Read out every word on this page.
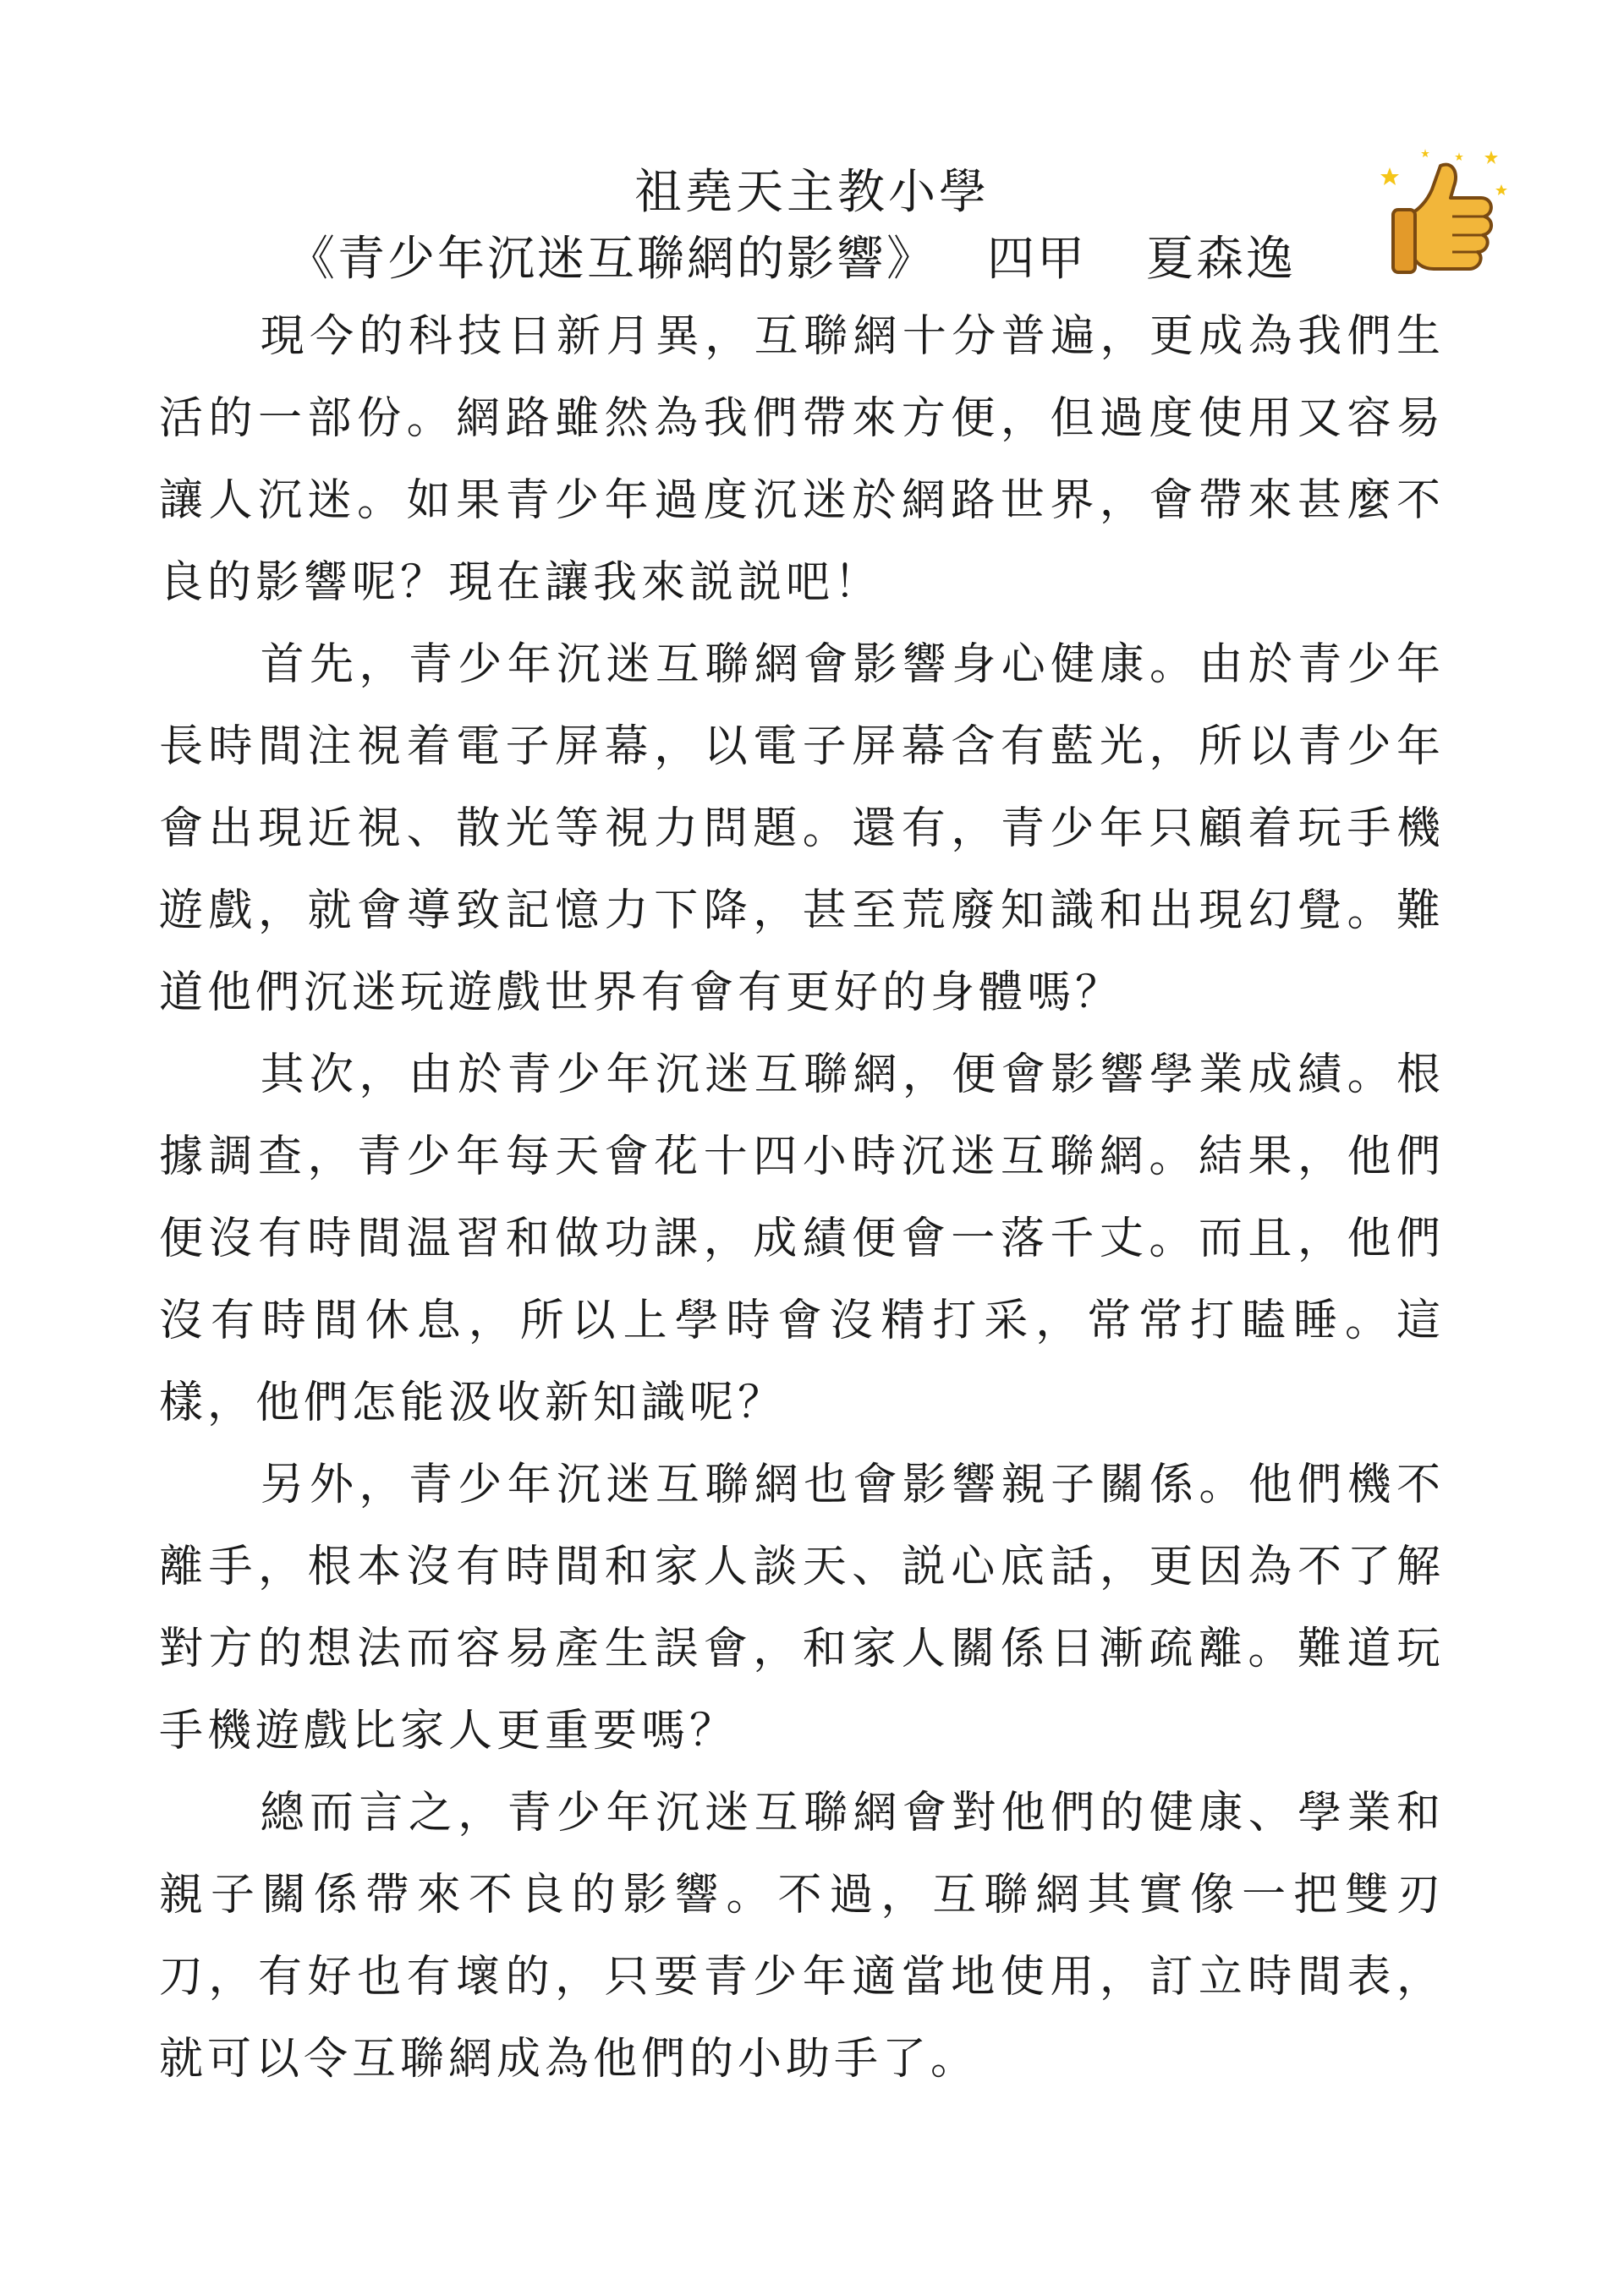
祖堯天主教小學
《青少年沉迷互聯網的影響》 四甲 夏森逸

現今的科技日新月異，互聯網十分普遍，更成為我們生活的一部份。網路雖然為我們帶來方便，但過度使用又容易讓人沉迷。如果青少年過度沉迷於網路世界，會帶來甚麼不良的影響呢？現在讓我來説説吧！

首先，青少年沉迷互聯網會影響身心健康。由於青少年長時間注視着電子屏幕，以電子屏幕含有藍光，所以青少年會出現近視、散光等視力問題。還有，青少年只顧着玩手機遊戲，就會導致記憶力下降，甚至荒廢知識和出現幻覺。難道他們沉迷玩遊戲世界有會有更好的身體嗎？

其次，由於青少年沉迷互聯網，便會影響學業成績。根據調查，青少年每天會花十四小時沉迷互聯網。結果，他們便沒有時間温習和做功課，成績便會一落千丈。而且，他們沒有時間休息，所以上學時會沒精打采，常常打瞌睡。這樣，他們怎能汲收新知識呢？

另外，青少年沉迷互聯網也會影響親子關係。他們機不離手，根本沒有時間和家人談天、説心底話，更因為不了解對方的想法而容易產生誤會，和家人關係日漸疏離。難道玩手機遊戲比家人更重要嗎？

總而言之，青少年沉迷互聯網會對他們的健康、學業和親子關係帶來不良的影響。不過，互聯網其實像一把雙刃刀，有好也有壞的，只要青少年適當地使用，訂立時間表，就可以令互聯網成為他們的小助手了。
